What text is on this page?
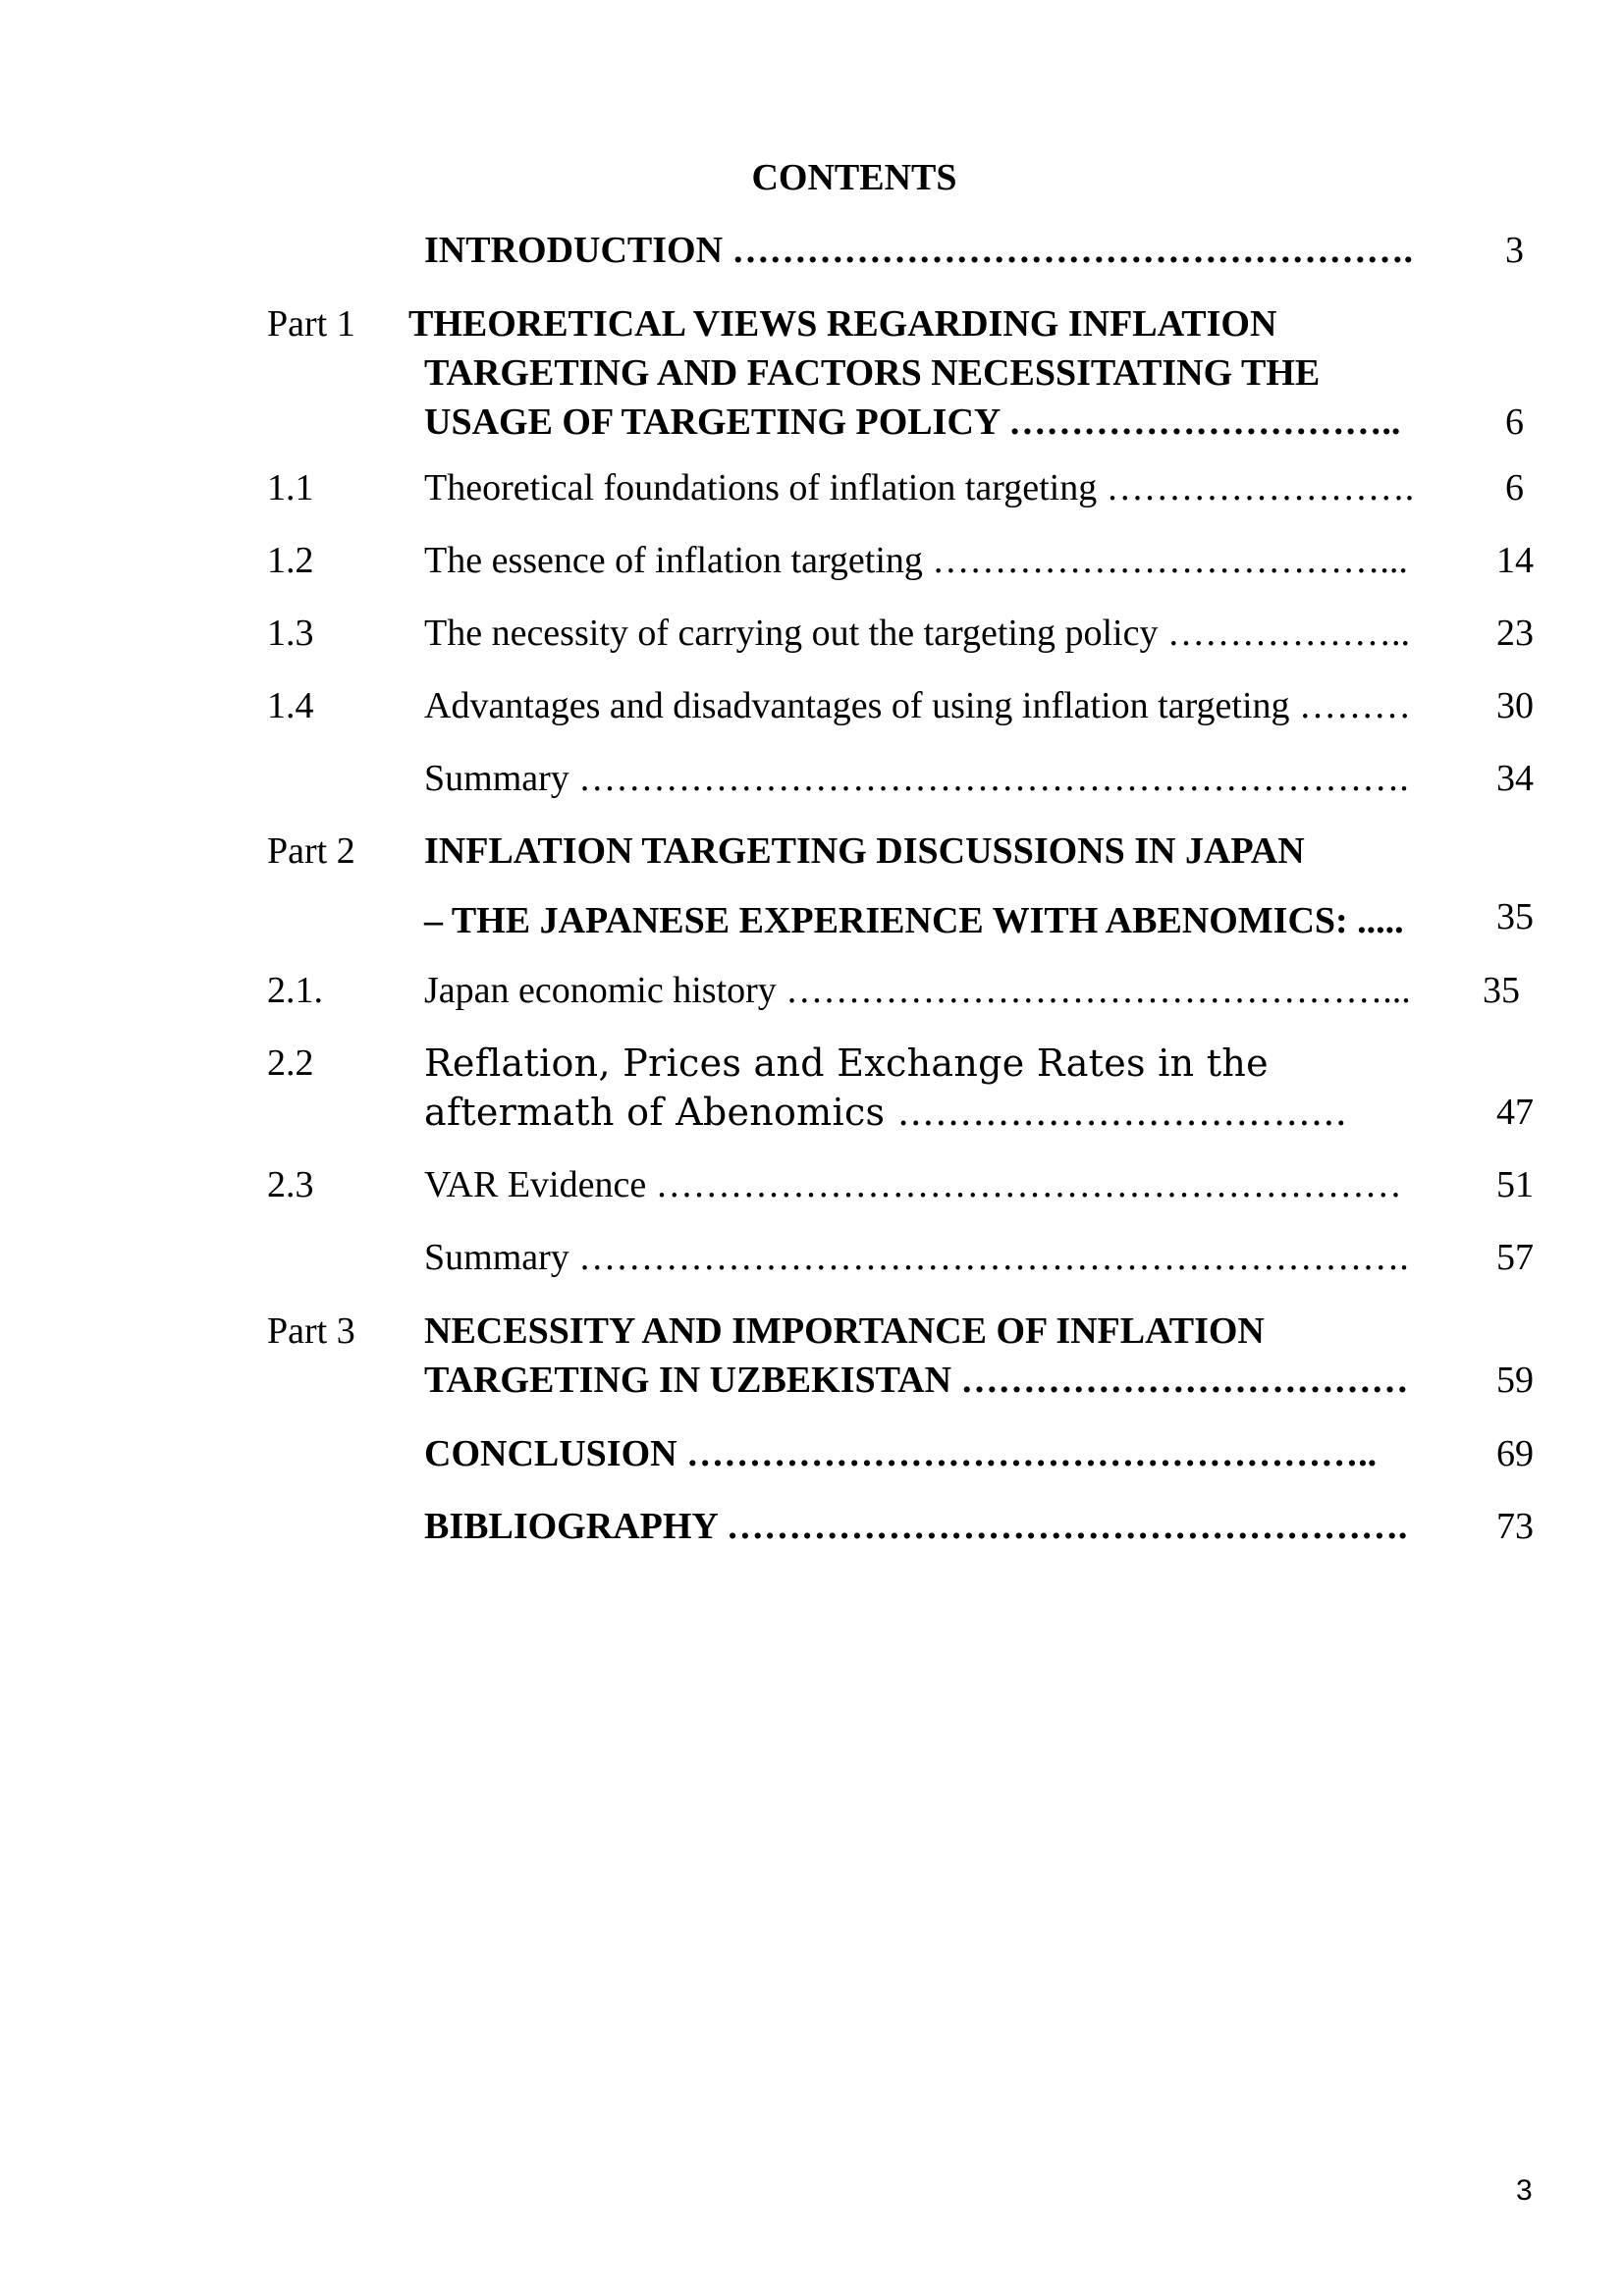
CONTENTS
INTRODUCTION ……………………………………………….	3
Part 1 THEORETICAL VIEWS REGARDING INFLATION
TARGETING AND FACTORS NECESSITATING THE
USAGE OF TARGETING POLICY …………………………..	6
1.1	Theoretical foundations of inflation targeting …………………….	6
1.2	The essence of inflation targeting ………………………………...	14
1.3	The necessity of carrying out the targeting policy ………………..	23
1.4	Advantages and disadvantages of using inflation targeting ………	30
Summary ………………………………………………………….	34
Part 2 INFLATION TARGETING DISCUSSIONS IN JAPAN
– THE JAPANESE EXPERIENCE WITH ABENOMICS: .....	35
2.1.	Japan economic history …………………………………………...	35
2.2	Reflation, Prices and Exchange Rates in the
aftermath of Abenomics ……………………………...	47
2.3	VAR Evidence ……………………………………………………	51
Summary ………………………………………………………….	57
Part 3 NECESSITY AND IMPORTANCE OF INFLATION
TARGETING IN UZBEKISTAN ………………………………	59
CONCLUSION ………………………………………………..	69
BIBLIOGRAPHY ……………………………………………….	73
3
